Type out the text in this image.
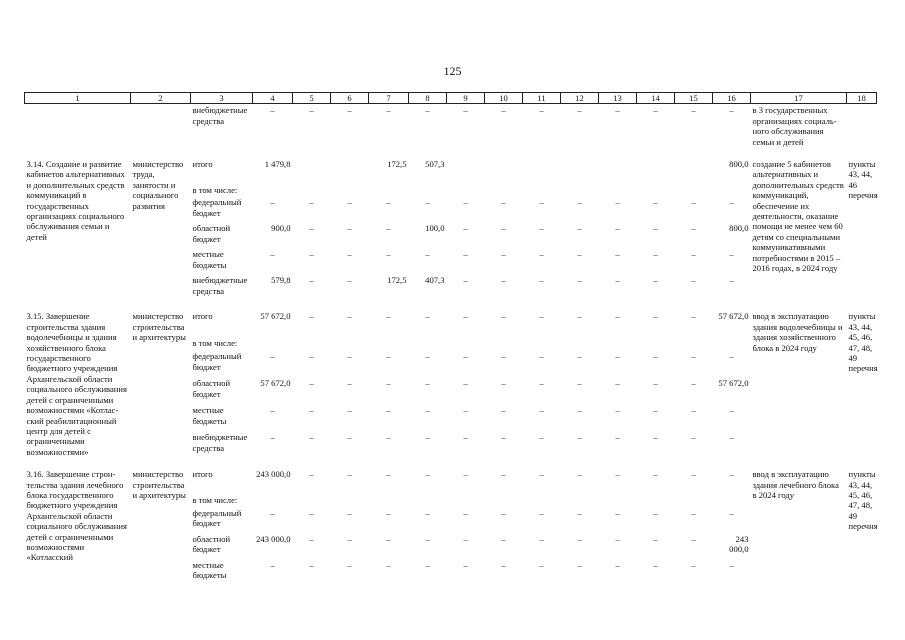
125
1	2	3	4	5	6	7	8	9	10	11	12	13	14	15	16	17	18
		внебюджетные средства	–	–	–	–	–	–	–	–	–	–	–	–	–	в 3 государственных организациях социаль-ного обслуживания семьи и детей	

3.14. Создание и развитие кабинетов альтернативных и дополнительных средств коммуникаций в государственных организациях социального обслуживания семьи и детей	министерство труда, занятости и социального развития	итого	1 479,8			172,5	507,3								800,0	создание 5 кабинетов альтернативных и дополнительных средств коммуникаций, обеспечение их деятельности, оказание помощи не менее чем 60 детям со специальными коммуникативными потребностями в 2015 – 2016 годах, в 2024 году	пункты 43, 44, 46 перечня
		в том числе:															
		федеральный бюджет	–	–	–	–	–	–	–	–	–	–	–	–	–		
		областной бюджет	900,0	–	–	–	100,0	–	–	–	–	–	–	–	800,0		
		местные бюджеты	–	–	–	–	–	–	–	–	–	–	–	–	–		
		внебюджетные средства	579,8	–	–	172,5	407,3	–	–	–	–	–	–	–	–		

3.15. Завершение строительства здания водолечебницы и здания хозяйственного блока государственного бюджетного учреждения Архангельской области социального обслуживания детей с ограниченными возможностями «Котлас-ский реабилитационный центр для детей с ограниченными возможностями»	министерство строительства и архитектуры	итого	57 672,0	–	–	–	–	–	–	–	–	–	–	–	57 672,0	ввод в эксплуатацию здания водолечебницы и здания хозяйственного блока в 2024 году	пункты 43, 44, 45, 46, 47, 48, 49 перечня
		в том числе:															
		федеральный бюджет	–	–	–	–	–	–	–	–	–	–	–	–	–		
		областной бюджет	57 672,0	–	–	–	–	–	–	–	–	–	–	–	57 672,0		
		местные бюджеты	–	–	–	–	–	–	–	–	–	–	–	–	–		
		внебюджетные средства	–	–	–	–	–	–	–	–	–	–	–	–	–		

3.16. Завершение строн-тельства здания лечебного блока государственного бюджетного учреждения Архангельской области социального обслуживания детей с ограниченными возможностями «Котласский	министерство строительства и архитектуры	итого	243 000,0	–	–	–	–	–	–	–	–	–	–	–	–	ввод в эксплуатацию здания лечебного блока в 2024 году	пункты 43, 44, 45, 46, 47, 48, 49 перечня
		в том числе:															
		федеральный бюджет	–	–	–	–	–	–	–	–	–	–	–	–	–		
		областной бюджет	243 000,0	–	–	–	–	–	–	–	–	–	–	–	243 000,0		
		местные бюджеты	–	–	–	–	–	–	–	–	–	–	–	–	–		
